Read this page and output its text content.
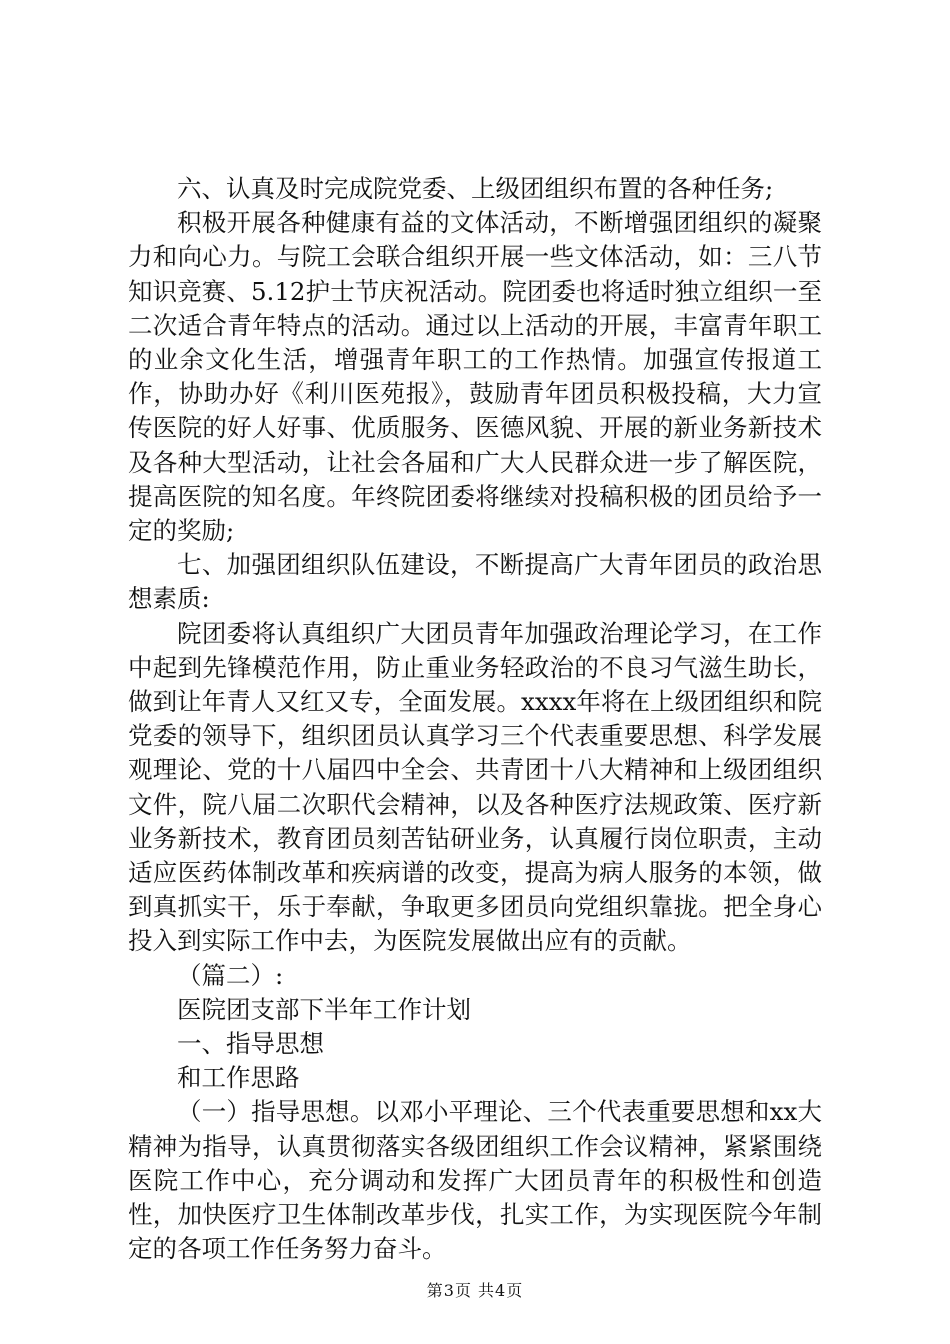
六、认真及时完成院党委、上级团组织布置的各种任务;

积极开展各种健康有益的文体活动，不断增强团组织的凝聚力和向心力。与院工会联合组织开展一些文体活动，如：三八节知识竞赛、5.12护士节庆祝活动。院团委也将适时独立组织一至二次适合青年特点的活动。通过以上活动的开展，丰富青年职工的业余文化生活，增强青年职工的工作热情。加强宣传报道工作，协助办好《利川医苑报》，鼓励青年团员积极投稿，大力宣传医院的好人好事、优质服务、医德风貌、开展的新业务新技术及各种大型活动，让社会各届和广大人民群众进一步了解医院，提高医院的知名度。年终院团委将继续对投稿积极的团员给予一定的奖励;

七、加强团组织队伍建设，不断提高广大青年团员的政治思想素质:

院团委将认真组织广大团员青年加强政治理论学习，在工作中起到先锋模范作用，防止重业务轻政治的不良习气滋生助长，做到让年青人又红又专，全面发展。xxxx年将在上级团组织和院党委的领导下，组织团员认真学习三个代表重要思想、科学发展观理论、党的十八届四中全会、共青团十八大精神和上级团组织文件，院八届二次职代会精神，以及各种医疗法规政策、医疗新业务新技术，教育团员刻苦钻研业务，认真履行岗位职责，主动适应医药体制改革和疾病谱的改变，提高为病人服务的本领，做到真抓实干，乐于奉献，争取更多团员向党组织靠拢。把全身心投入到实际工作中去，为医院发展做出应有的贡献。

（篇二）:

医院团支部下半年工作计划

一、指导思想

和工作思路

（一）指导思想。以邓小平理论、三个代表重要思想和xx大精神为指导，认真贯彻落实各级团组织工作会议精神，紧紧围绕医院工作中心，充分调动和发挥广大团员青年的积极性和创造性，加快医疗卫生体制改革步伐，扎实工作，为实现医院今年制定的各项工作任务努力奋斗。

第3页 共4页
